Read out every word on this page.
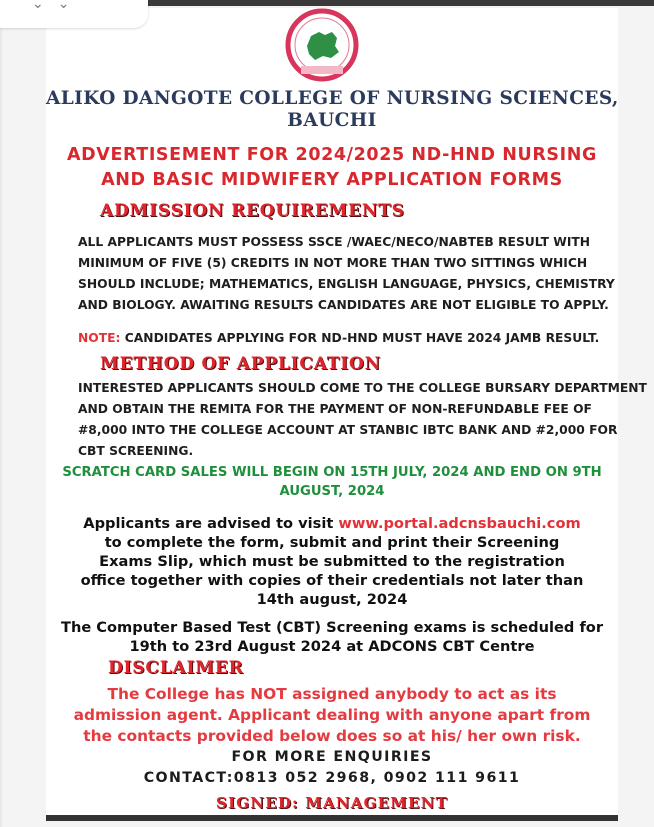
⌄⌄
ALIKO DANGOTE COLLEGE OF NURSING SCIENCES,
BAUCHI
ADVERTISEMENT FOR 2024/2025 ND-HND NURSING
AND BASIC MIDWIFERY APPLICATION FORMS
ADMISSION REQUIREMENTS
ALL APPLICANTS MUST POSSESS SSCE /WAEC/NECO/NABTEB RESULT WITH
MINIMUM OF FIVE (5) CREDITS IN NOT MORE THAN TWO SITTINGS WHICH
SHOULD INCLUDE; MATHEMATICS, ENGLISH LANGUAGE, PHYSICS, CHEMISTRY
AND BIOLOGY. AWAITING RESULTS CANDIDATES ARE NOT ELIGIBLE TO APPLY.
NOTE: CANDIDATES APPLYING FOR ND-HND MUST HAVE 2024 JAMB RESULT.
METHOD OF APPLICATION
INTERESTED APPLICANTS SHOULD COME TO THE COLLEGE BURSARY DEPARTMENT
AND OBTAIN THE REMITA FOR THE PAYMENT OF NON-REFUNDABLE FEE OF
#8,000 INTO THE COLLEGE ACCOUNT AT STANBIC IBTC BANK AND #2,000 FOR
CBT SCREENING.
SCRATCH CARD SALES WILL BEGIN ON 15TH JULY, 2024 AND END ON 9TH
AUGUST, 2024
Applicants are advised to visit www.portal.adcnsbauchi.com
to complete the form, submit and print their Screening
Exams Slip, which must be submitted to the registration
office together with copies of their credentials not later than
14th august, 2024
The Computer Based Test (CBT) Screening exams is scheduled for
19th to 23rd August 2024 at ADCONS CBT Centre
DISCLAIMER
The College has NOT assigned anybody to act as its
admission agent. Applicant dealing with anyone apart from
the contacts provided below does so at his/ her own risk.
FOR MORE ENQUIRIES
CONTACT:0813 052 2968, 0902 111 9611
SIGNED: MANAGEMENT
